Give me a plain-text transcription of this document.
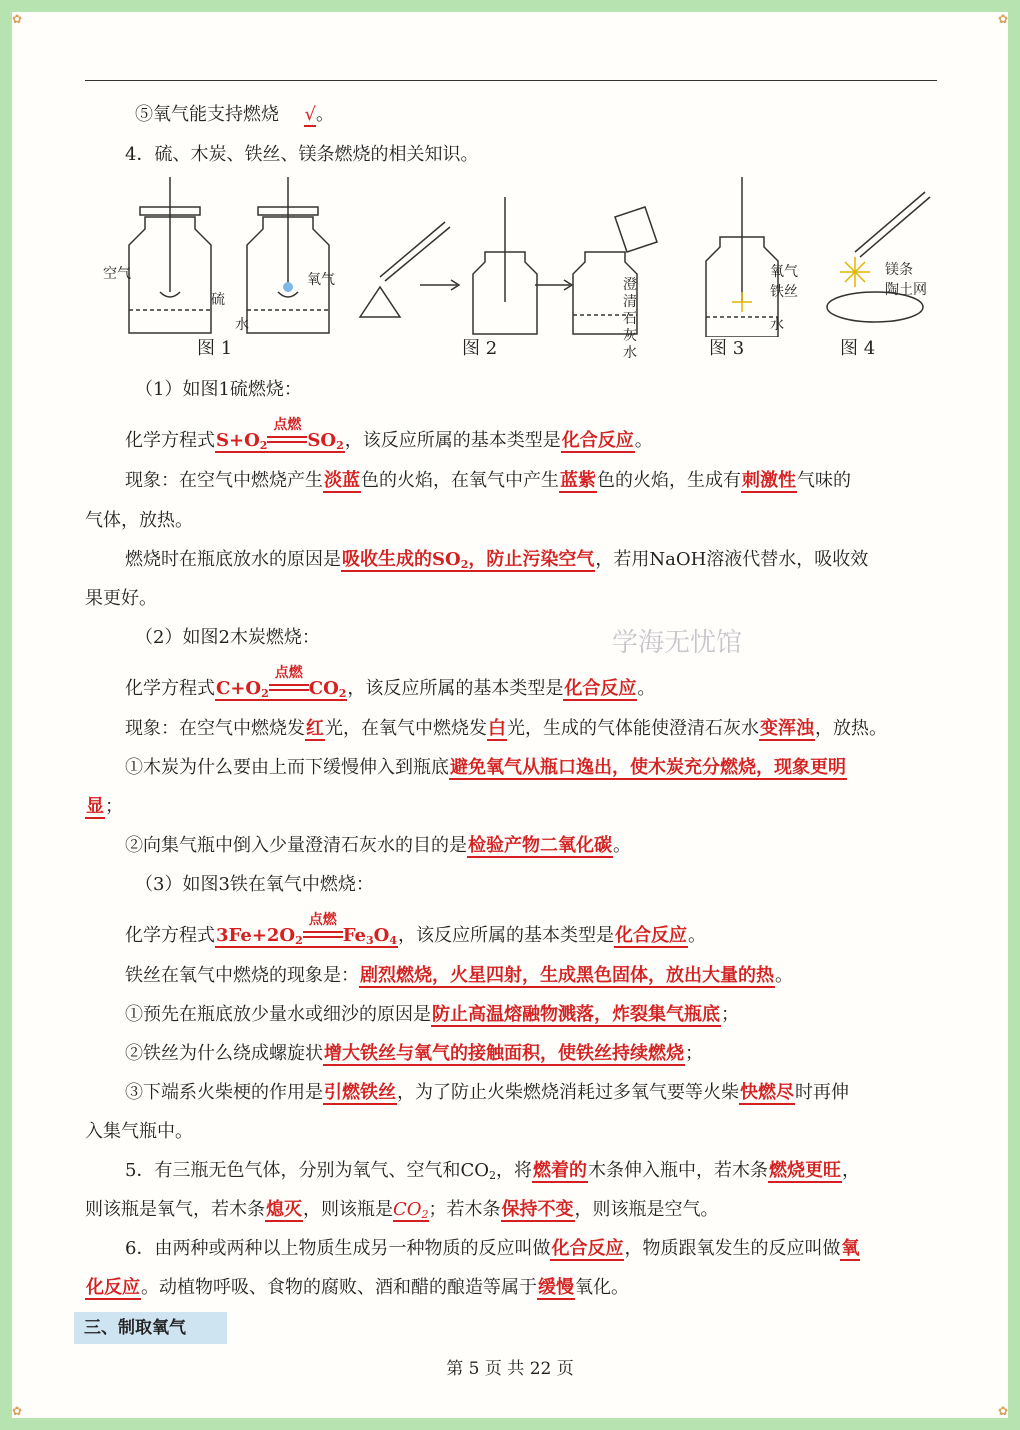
✿	✿
✿	✿
⑤氧气能支持燃烧 √。
4．硫、木炭、铁丝、镁条燃烧的相关知识。
空气
硫
氧气
水
澄清石灰水
氧气
铁丝
水
镁条
陶土网
图 1	图 2	图 3	图 4
（1）如图1硫燃烧：
化学方程式$S+O_2$
点燃
$SO_2$，该反应所属的基本类型是化合反应。
现象：在空气中燃烧产生淡蓝色的火焰，在氧气中产生蓝紫色的火焰，生成有刺激性气味的
气体，放热。
燃烧时在瓶底放水的原因是吸收生成的$SO_2$，防止污染空气，若用NaOH溶液代替水，吸收效
果更好。
学海无忧馆
（2）如图2木炭燃烧：
化学方程式$C+O_2$
点燃
$CO_2$，该反应所属的基本类型是化合反应。
现象：在空气中燃烧发红光，在氧气中燃烧发白光，生成的气体能使澄清石灰水变浑浊，放热。
①木炭为什么要由上而下缓慢伸入到瓶底避免氧气从瓶口逸出，使木炭充分燃烧，现象更明
显；
②向集气瓶中倒入少量澄清石灰水的目的是检验产物二氧化碳。
（3）如图3铁在氧气中燃烧：
化学方程式$3Fe+2O_2$
点燃
$Fe_3O_4$，该反应所属的基本类型是化合反应。
铁丝在氧气中燃烧的现象是：剧烈燃烧，火星四射，生成黑色固体，放出大量的热。
①预先在瓶底放少量水或细沙的原因是防止高温熔融物溅落，炸裂集气瓶底；
②铁丝为什么绕成螺旋状增大铁丝与氧气的接触面积，使铁丝持续燃烧；
③下端系火柴梗的作用是引燃铁丝，为了防止火柴燃烧消耗过多氧气要等火柴快燃尽时再伸
入集气瓶中。
5．有三瓶无色气体，分别为氧气、空气和$CO_2$，将燃着的木条伸入瓶中，若木条燃烧更旺，
则该瓶是氧气，若木条熄灭，则该瓶是$CO_2$；若木条保持不变，则该瓶是空气。
6．由两种或两种以上物质生成另一种物质的反应叫做化合反应，物质跟氧发生的反应叫做氧
化反应。动植物呼吸、食物的腐败、酒和醋的酿造等属于缓慢氧化。
三、制取氧气
第 5 页 共 22 页
